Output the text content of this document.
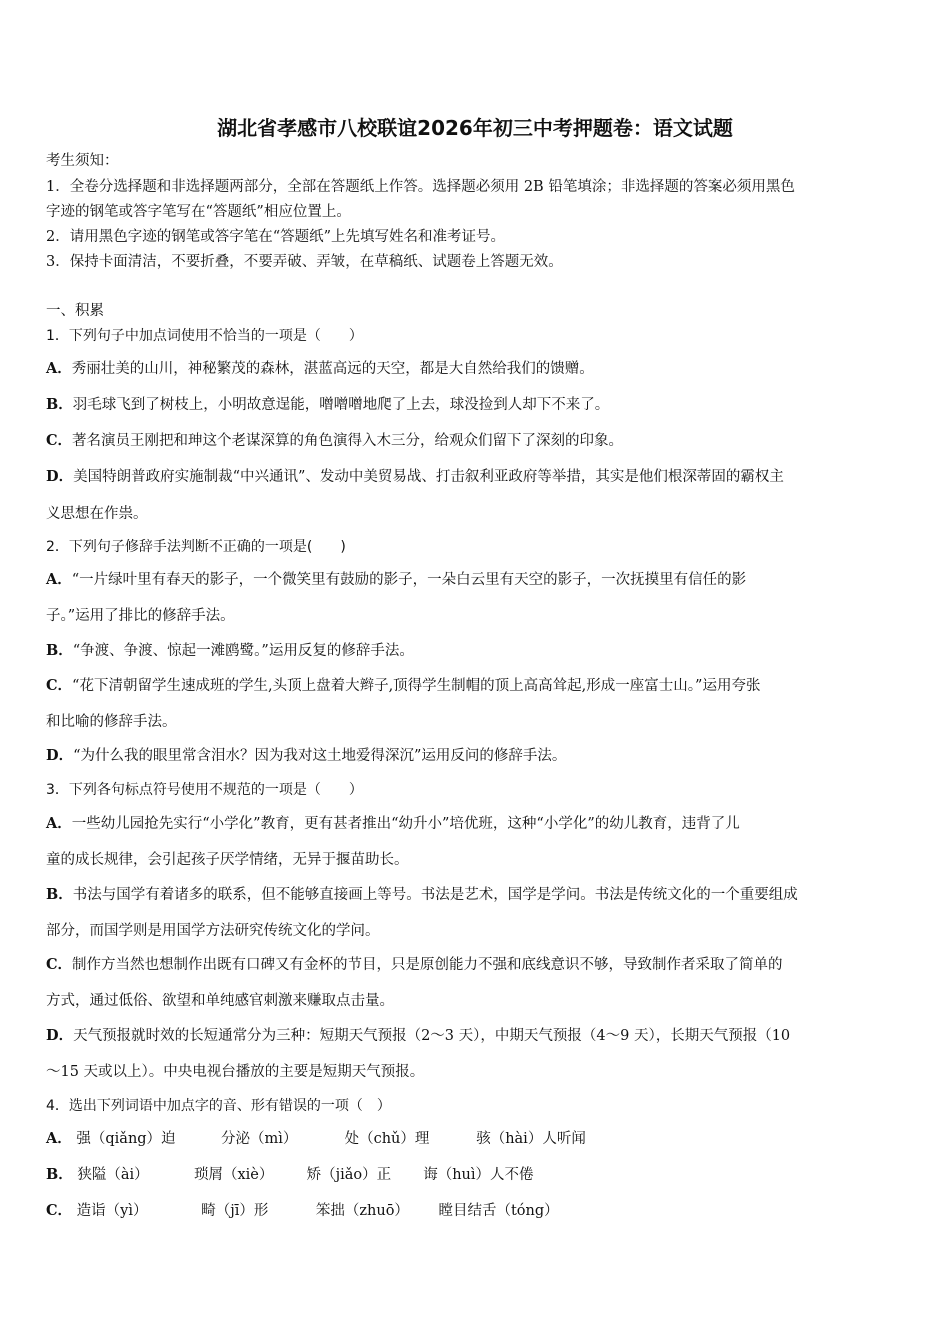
湖北省孝感市八校联谊2026年初三中考押题卷：语文试题
考生须知：
1．全卷分选择题和非选择题两部分，全部在答题纸上作答。选择题必须用 2B 铅笔填涂；非选择题的答案必须用黑色
字迹的钢笔或答字笔写在“答题纸”相应位置上。
2．请用黑色字迹的钢笔或答字笔在“答题纸”上先填写姓名和准考证号。
3．保持卡面清洁，不要折叠，不要弄破、弄皱，在草稿纸、试题卷上答题无效。
一、积累
1．下列句子中加点词使用不恰当的一项是（　　）
A．秀丽壮美的山川，神秘繁茂的森林，湛蓝高远的天空，都是大自然给我们的馈赠。
B．羽毛球飞到了树枝上，小明故意逞能，噌噌噌地爬了上去，球没捡到人却下不来了。
C．著名演员王刚把和珅这个老谋深算的角色演得入木三分，给观众们留下了深刻的印象。
D．美国特朗普政府实施制裁“中兴通讯”、发动中美贸易战、打击叙利亚政府等举措，其实是他们根深蒂固的霸权主
义思想在作祟。
2．下列句子修辞手法判断不正确的一项是(　　)
A．“一片绿叶里有春天的影子，一个微笑里有鼓励的影子，一朵白云里有天空的影子，一次抚摸里有信任的影
子。”运用了排比的修辞手法。
B．“争渡、争渡、惊起一滩鸥鹭。”运用反复的修辞手法。
C．“花下清朝留学生速成班的学生,头顶上盘着大辫子,顶得学生制帽的顶上高高耸起,形成一座富士山。”运用夸张
和比喻的修辞手法。
D．“为什么我的眼里常含泪水？因为我对这土地爱得深沉”运用反问的修辞手法。
3．下列各句标点符号使用不规范的一项是（　　）
A．一些幼儿园抢先实行“小学化”教育，更有甚者推出“幼升小”培优班，这种“小学化”的幼儿教育，违背了儿
童的成长规律，会引起孩子厌学情绪，无异于揠苗助长。
B．书法与国学有着诸多的联系，但不能够直接画上等号。书法是艺术，国学是学问。书法是传统文化的一个重要组成
部分，而国学则是用国学方法研究传统文化的学问。
C．制作方当然也想制作出既有口碑又有金杯的节目，只是原创能力不强和底线意识不够，导致制作者采取了简单的
方式，通过低俗、欲望和单纯感官刺激来赚取点击量。
D．天气预报就时效的长短通常分为三种：短期天气预报（2～3 天），中期天气预报（4～9 天），长期天气预报（10
～15 天或以上）。中央电视台播放的主要是短期天气预报。
4．选出下列词语中加点字的音、形有错误的一项（　）
A． 强（qiǎng）迫	分泌（mì）	处（chǔ）理	骇（hài）人听闻
B． 狭隘（ài）	琐屑（xiè） 矫（jiǎo）正 诲（huì）人不倦
C． 造诣（yì）	畸（jī）形	笨拙（zhuō） 瞠目结舌（tóng）
